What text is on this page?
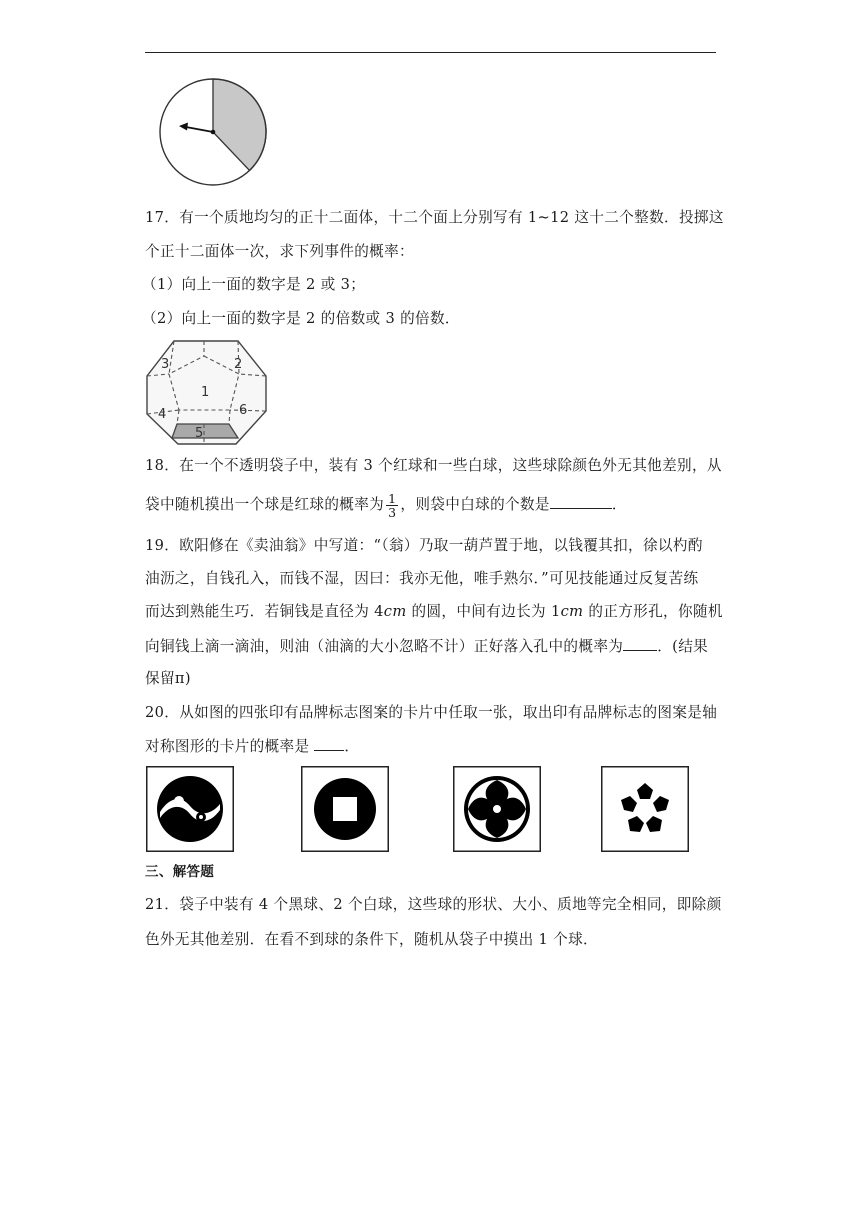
17．有一个质地均匀的正十二面体，十二个面上分别写有 1~12 这十二个整数．投掷这
个正十二面体一次，求下列事件的概率：
（1）向上一面的数字是 2 或 3；
（2）向上一面的数字是 2 的倍数或 3 的倍数．
1
2
3
4
5
6
18．在一个不透明袋子中，装有 3 个红球和一些白球，这些球除颜色外无其他差别，从
袋中随机摸出一个球是红球的概率为 $\frac{1}{3}$ ，则袋中白球的个数是	．
19．欧阳修在《卖油翁》中写道：“（翁）乃取一葫芦置于地，以钱覆其扣，徐以杓酌
油沥之，自钱孔入，而钱不湿，因曰：我亦无他，唯手熟尔．”可见技能通过反复苦练
而达到熟能生巧．若铜钱是直径为 4cm 的圆，中间有边长为 1cm 的正方形孔，你随机
向铜钱上滴一滴油，则油（油滴的大小忽略不计）正好落入孔中的概率为 ．(结果
保留π)
20．从如图的四张印有品牌标志图案的卡片中任取一张，取出印有品牌标志的图案是轴
对称图形的卡片的概率是 ．
三、解答题
21．袋子中装有 4 个黑球、2 个白球，这些球的形状、大小、质地等完全相同，即除颜
色外无其他差别．在看不到球的条件下，随机从袋子中摸出 1 个球．
